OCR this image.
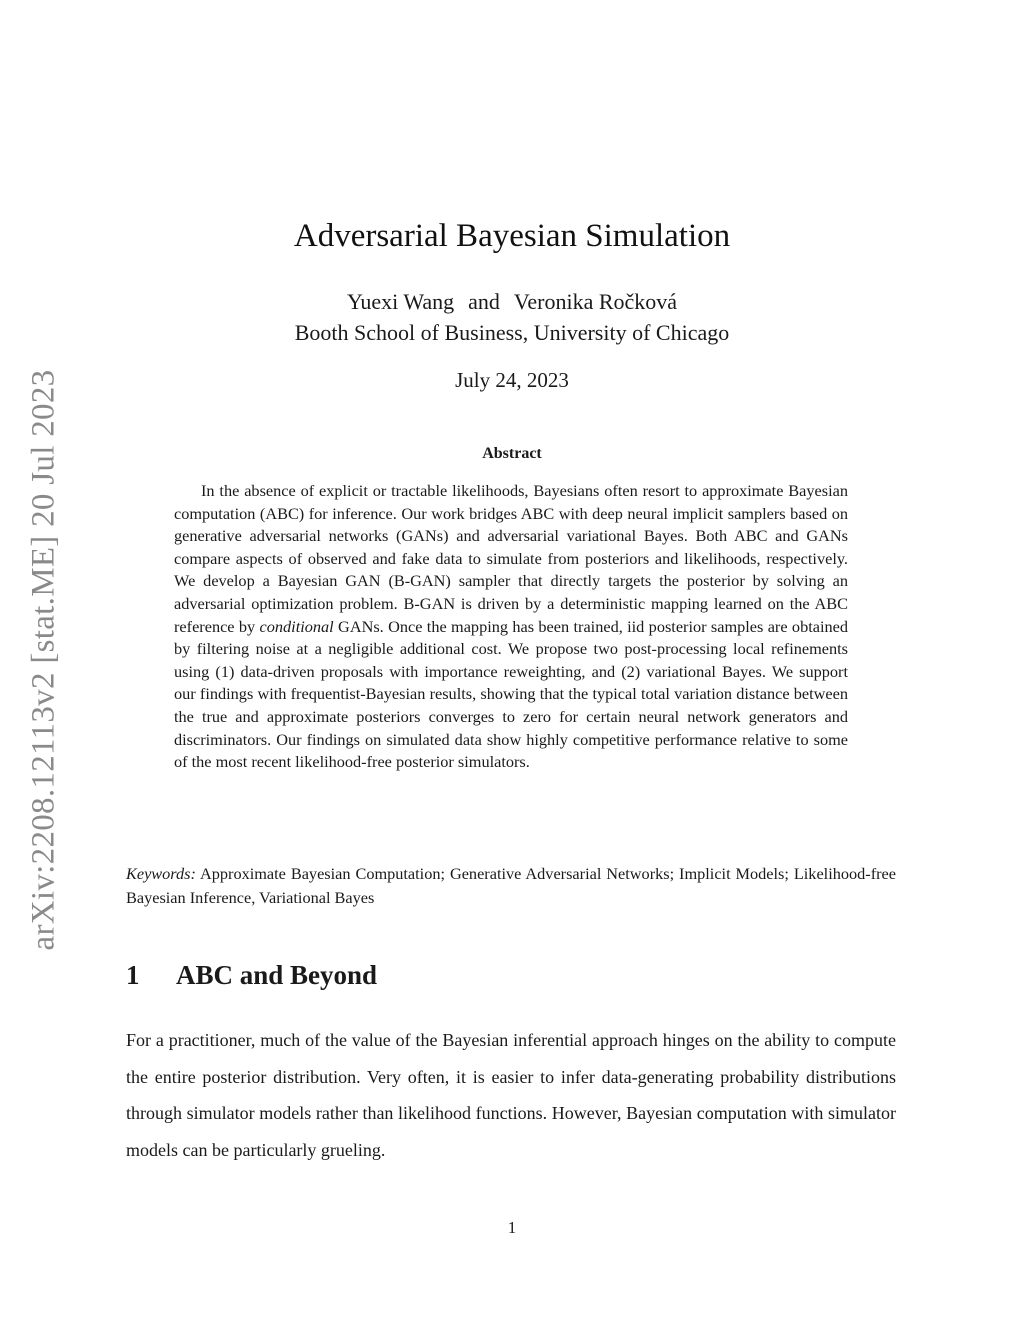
arXiv:2208.12113v2 [stat.ME] 20 Jul 2023
Adversarial Bayesian Simulation
Yuexi Wang and Veronika Ročková
Booth School of Business, University of Chicago
July 24, 2023
Abstract
In the absence of explicit or tractable likelihoods, Bayesians often resort to approximate Bayesian computation (ABC) for inference. Our work bridges ABC with deep neural implicit samplers based on generative adversarial networks (GANs) and adversarial variational Bayes. Both ABC and GANs compare aspects of observed and fake data to simulate from posteriors and likelihoods, respectively. We develop a Bayesian GAN (B-GAN) sampler that directly targets the posterior by solving an adversarial optimization problem. B-GAN is driven by a deterministic mapping learned on the ABC reference by conditional GANs. Once the mapping has been trained, iid posterior samples are obtained by filtering noise at a negligible additional cost. We propose two post-processing local refinements using (1) data-driven proposals with importance reweighting, and (2) variational Bayes. We support our findings with frequentist-Bayesian results, showing that the typical total variation distance between the true and approximate posteriors converges to zero for certain neural network generators and discriminators. Our findings on simulated data show highly competitive performance relative to some of the most recent likelihood-free posterior simulators.
Keywords: Approximate Bayesian Computation; Generative Adversarial Networks; Implicit Models; Likelihood-free Bayesian Inference, Variational Bayes
1 ABC and Beyond
For a practitioner, much of the value of the Bayesian inferential approach hinges on the ability to compute the entire posterior distribution. Very often, it is easier to infer data-generating probability distributions through simulator models rather than likelihood functions. However, Bayesian computation with simulator models can be particularly grueling.
1
